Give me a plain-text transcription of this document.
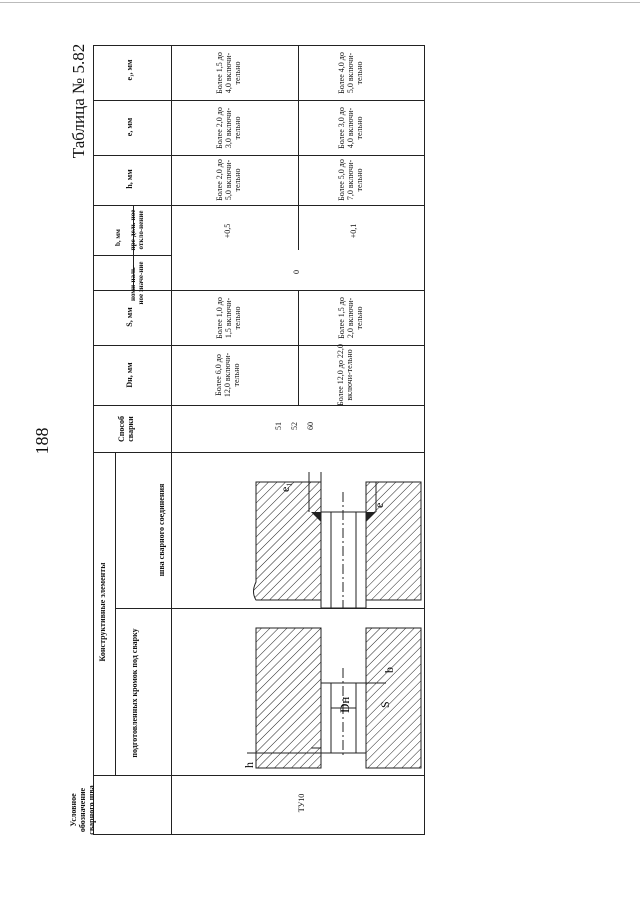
188
Таблица № 5.82	e₁, мм
e, мм
h, мм
b, мм
номи-наль-ное значе-ние
пре-дель-ное откло-нение
S, мм
Dн, мм
Способ сварки
Конструктивные элементы
шва сварного соединения
подготовленных кромок под сварку
Условное обозначение сварного шва	ТУ10
0
51 52 60
Более 1,5 до 4,0 включи-тельно
Более 2,0 до 3,0 включи-тельно
Более 2,0 до 5,0 включи-тельно
+0,5
Более 1,0 до 1,5 включи-тельно
Более 6,0 до 12,0 включи-тельно
Более 4,0 до 5,0 включи-тельно
Более 3,0 до 4,0 включи-тельно
Более 5,0 до 7,0 включи-тельно
+0,1
Более 1,5 до 2,0 включи-тельно
Более 12,0 до 22,0 включи-тельно
e₁
e
h
Dн
b
S
